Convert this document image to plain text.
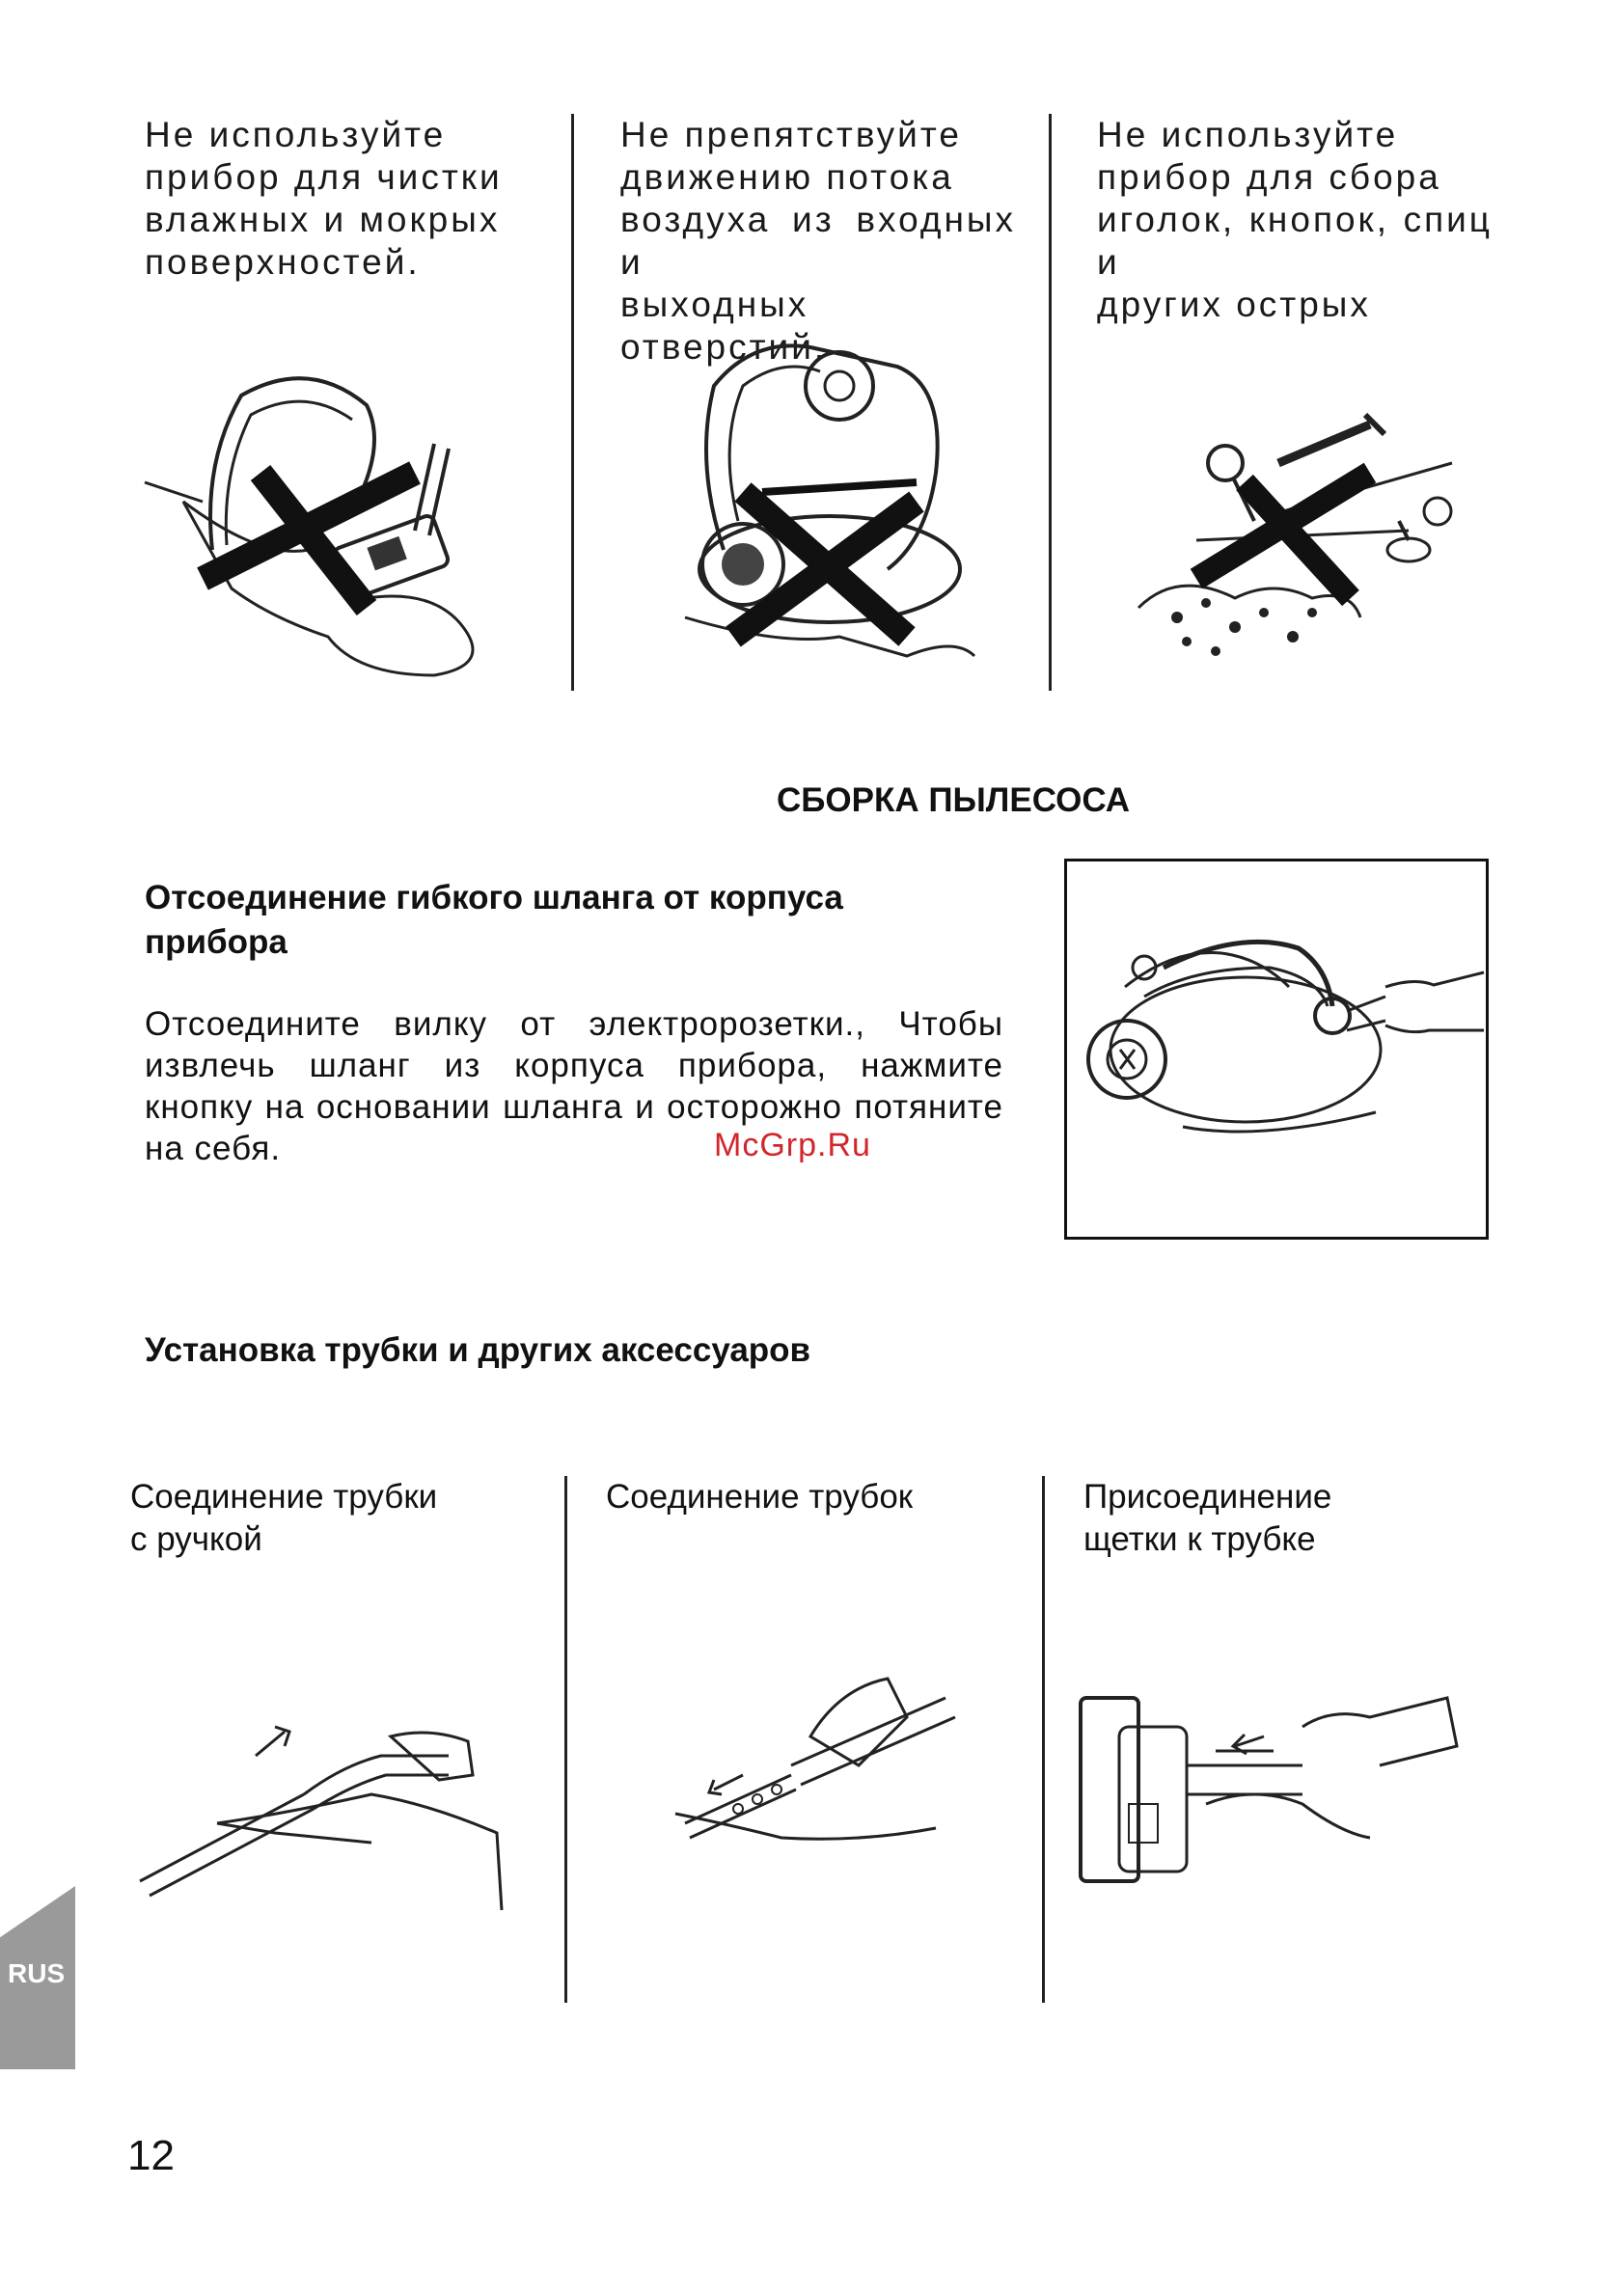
Не используйте
прибор для чистки
влажных и мокрых
поверхностей.
Не препятствуйте
движению потока
воздуха из входных и
выходных отверстий.
Не используйте
прибор для сбора
иголок, кнопок, спиц и
других острых
СБОРКА ПЫЛЕСОСА
Отсоединение гибкого шланга от корпуса
прибора
Отсоедините вилку от электророзетки., Чтобы извлечь шланг из корпуса прибора, нажмите кнопку на основании шланга и осторожно потяните на себя.	McGrp.Ru
Установка трубки и других аксессуаров
Соединение трубки
с ручкой
Соединение трубок	Присоединение
щетки к трубке
RUS
12
